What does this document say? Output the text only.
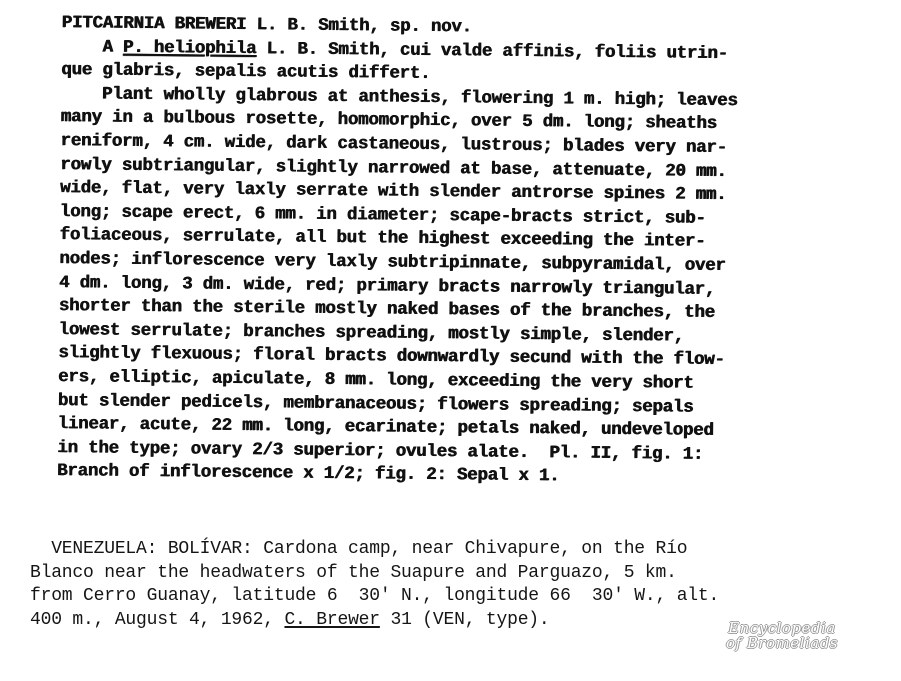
PITCAIRNIA BREWERI L. B. Smith, sp. nov.
A P. heliophila L. B. Smith, cui valde affinis, foliis utrin-
que glabris, sepalis acutis differt.
Plant wholly glabrous at anthesis, flowering 1 m. high; leaves
many in a bulbous rosette, homomorphic, over 5 dm. long; sheaths
reniform, 4 cm. wide, dark castaneous, lustrous; blades very nar-
rowly subtriangular, slightly narrowed at base, attenuate, 20 mm.
wide, flat, very laxly serrate with slender antrorse spines 2 mm.
long; scape erect, 6 mm. in diameter; scape-bracts strict, sub-
foliaceous, serrulate, all but the highest exceeding the inter-
nodes; inflorescence very laxly subtripinnate, subpyramidal, over
4 dm. long, 3 dm. wide, red; primary bracts narrowly triangular,
shorter than the sterile mostly naked bases of the branches, the
lowest serrulate; branches spreading, mostly simple, slender,
slightly flexuous; floral bracts downwardly secund with the flow-
ers, elliptic, apiculate, 8 mm. long, exceeding the very short
but slender pedicels, membranaceous; flowers spreading; sepals
linear, acute, 22 mm. long, ecarinate; petals naked, undeveloped
in the type; ovary 2/3 superior; ovules alate.  Pl. II, fig. 1:
Branch of inflorescence x 1/2; fig. 2: Sepal x 1.
VENEZUELA: BOLÍVAR: Cardona camp, near Chivapure, on the Río
Blanco near the headwaters of the Suapure and Parguazo, 5 km.
from Cerro Guanay, latitude 6  30' N., longitude 66  30' W., alt.
400 m., August 4, 1962, C. Brewer 31 (VEN, type).	Encyclopedia
of Bromeliads
